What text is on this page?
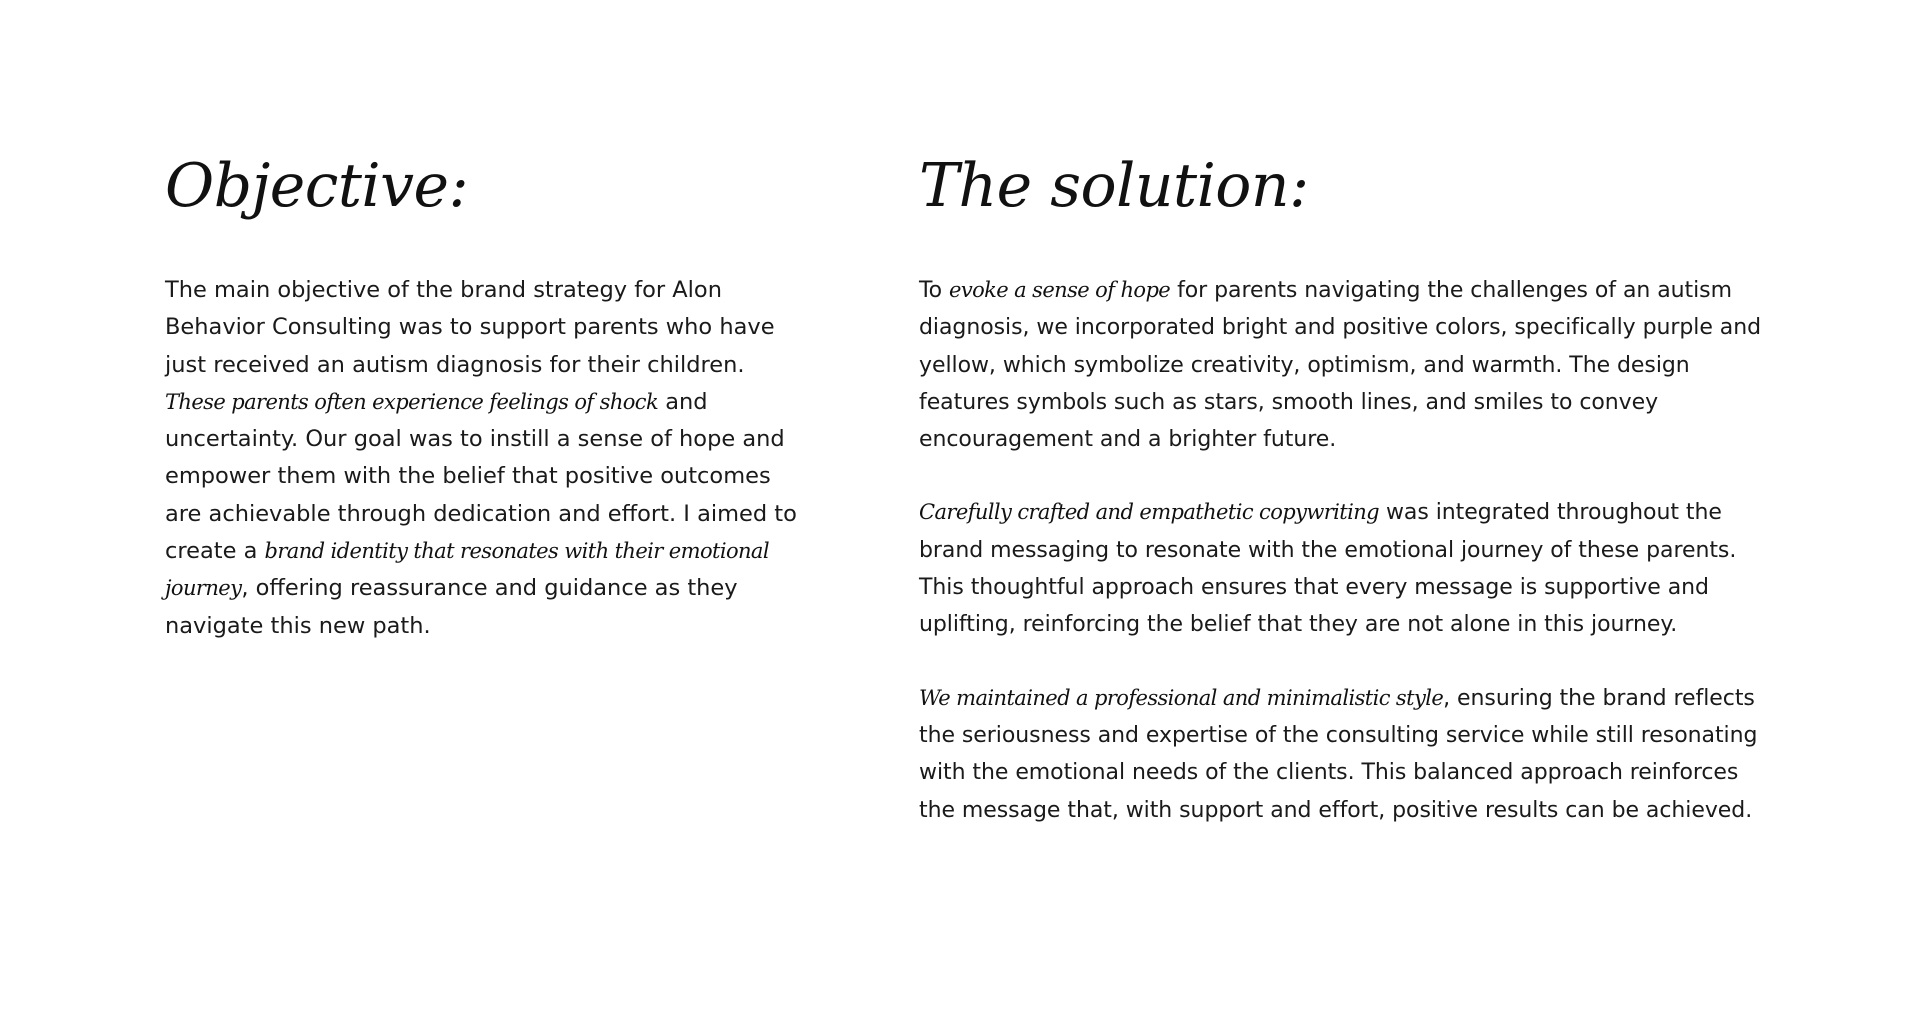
Objective:

The main objective of the brand strategy for Alon Behavior Consulting was to support parents who have just received an autism diagnosis for their children. These parents often experience feelings of shock and uncertainty. Our goal was to instill a sense of hope and empower them with the belief that positive outcomes are achievable through dedication and effort. I aimed to create a brand identity that resonates with their emotional journey, offering reassurance and guidance as they navigate this new path.

The solution:

To evoke a sense of hope for parents navigating the challenges of an autism diagnosis, we incorporated bright and positive colors, specifically purple and yellow, which symbolize creativity, optimism, and warmth. The design features symbols such as stars, smooth lines, and smiles to convey encouragement and a brighter future.

Carefully crafted and empathetic copywriting was integrated throughout the brand messaging to resonate with the emotional journey of these parents. This thoughtful approach ensures that every message is supportive and uplifting, reinforcing the belief that they are not alone in this journey.

We maintained a professional and minimalistic style, ensuring the brand reflects the seriousness and expertise of the consulting service while still resonating with the emotional needs of the clients. This balanced approach reinforces the message that, with support and effort, positive results can be achieved.
